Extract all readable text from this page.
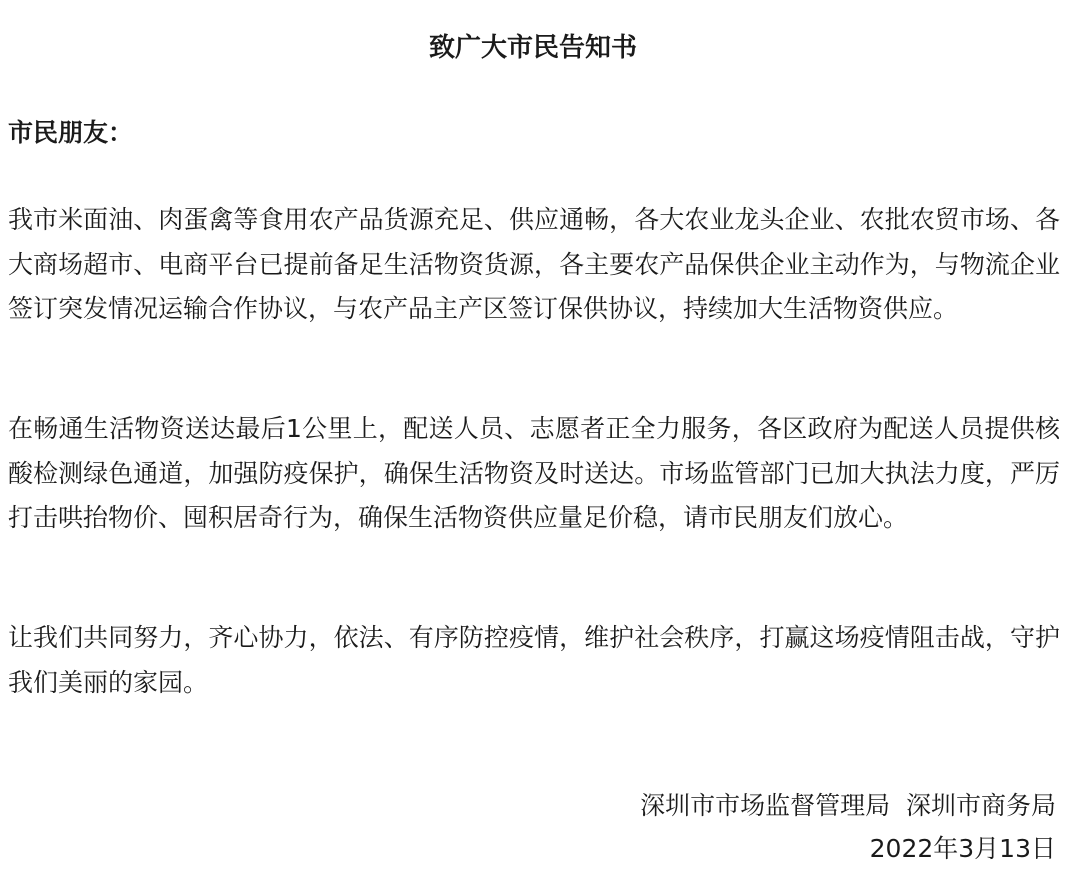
致广大市民告知书

市民朋友：

我市米面油、肉蛋禽等食用农产品货源充足、供应通畅，各大农业龙头企业、农批农贸市场、各大商场超市、电商平台已提前备足生活物资货源，各主要农产品保供企业主动作为，与物流企业签订突发情况运输合作协议，与农产品主产区签订保供协议，持续加大生活物资供应。

在畅通生活物资送达最后1公里上，配送人员、志愿者正全力服务，各区政府为配送人员提供核酸检测绿色通道，加强防疫保护，确保生活物资及时送达。市场监管部门已加大执法力度，严厉打击哄抬物价、囤积居奇行为，确保生活物资供应量足价稳，请市民朋友们放心。

让我们共同努力，齐心协力，依法、有序防控疫情，维护社会秩序，打赢这场疫情阻击战，守护我们美丽的家园。

深圳市市场监督管理局  深圳市商务局

2022年3月13日
